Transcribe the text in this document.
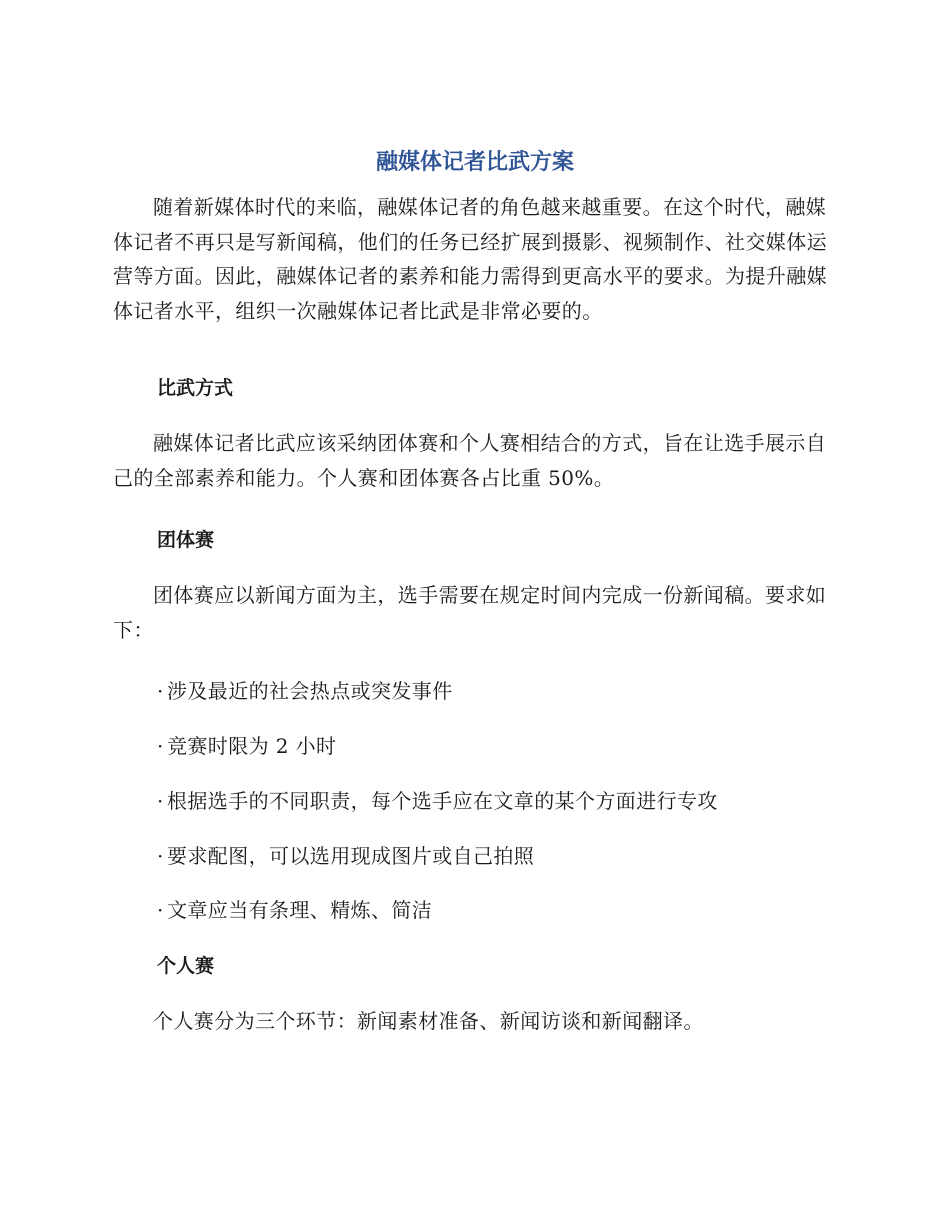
融媒体记者比武方案

随着新媒体时代的来临，融媒体记者的角色越来越重要。在这个时代，融媒体记者不再只是写新闻稿，他们的任务已经扩展到摄影、视频制作、社交媒体运营等方面。因此，融媒体记者的素养和能力需得到更高水平的要求。为提升融媒体记者水平，组织一次融媒体记者比武是非常必要的。

比武方式

融媒体记者比武应该采纳团体赛和个人赛相结合的方式，旨在让选手展示自己的全部素养和能力。个人赛和团体赛各占比重 50%。

团体赛

团体赛应以新闻方面为主，选手需要在规定时间内完成一份新闻稿。要求如下：

· 涉及最近的社会热点或突发事件
· 竞赛时限为 2 小时
· 根据选手的不同职责，每个选手应在文章的某个方面进行专攻
· 要求配图，可以选用现成图片或自己拍照
· 文章应当有条理、精炼、简洁
个人赛

个人赛分为三个环节：新闻素材准备、新闻访谈和新闻翻译。
